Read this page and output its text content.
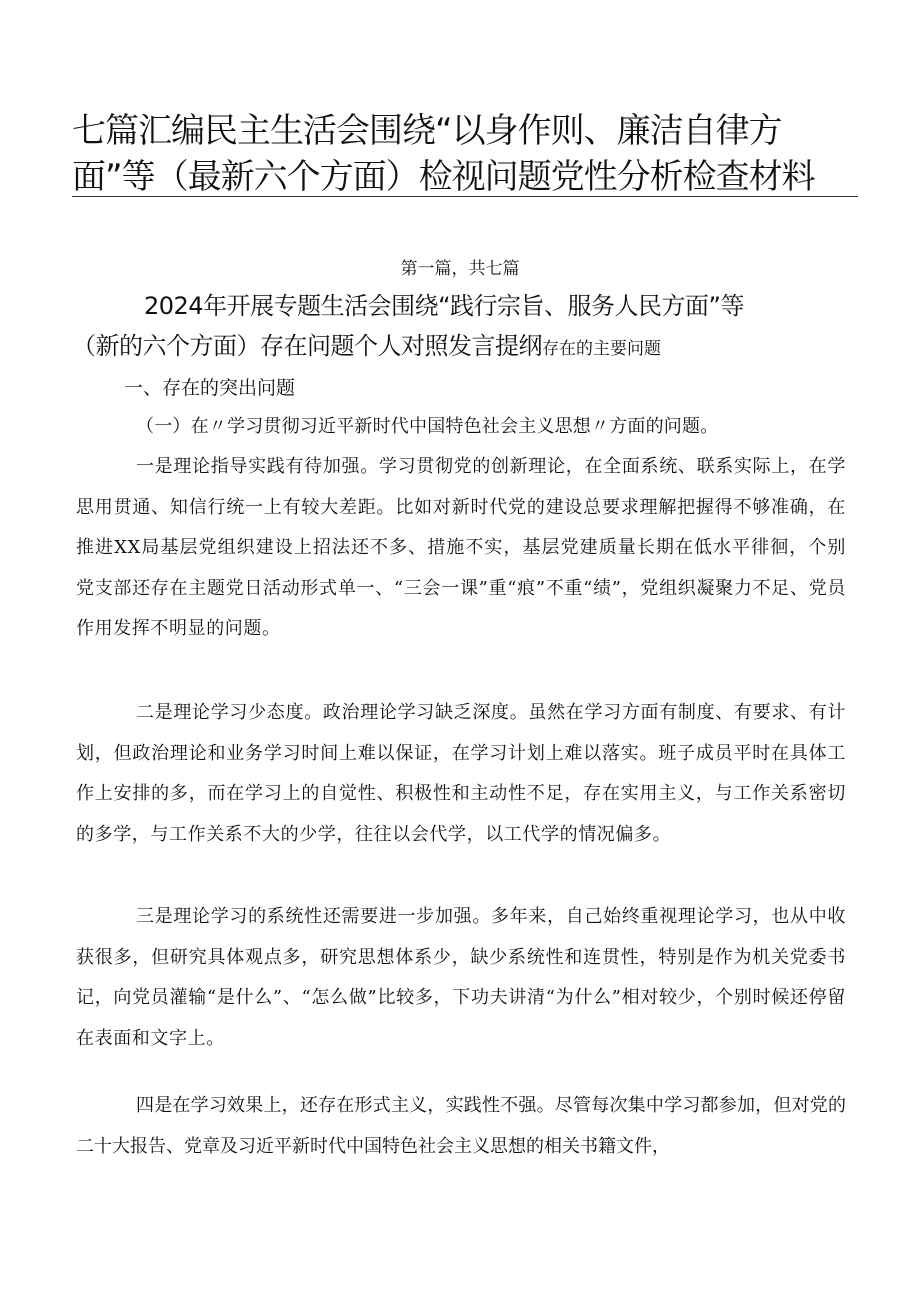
七篇汇编民主生活会围绕“以身作则、廉洁自律方面”等（最新六个方面）检视问题党性分析检查材料
第一篇，共七篇
2024年开展专题生活会围绕“践行宗旨、服务人民方面”等
（新的六个方面）存在问题个人对照发言提纲存在的主要问题
一、存在的突出问题

（一）在〃学习贯彻习近平新时代中国特色社会主义思想〃方面的问题。

一是理论指导实践有待加强。学习贯彻党的创新理论，在全面系统、联系实际上，在学思用贯通、知信行统一上有较大差距。比如对新时代党的建设总要求理解把握得不够准确，在推进XX局基层党组织建设上招法还不多、措施不实，基层党建质量长期在低水平徘徊，个别党支部还存在主题党日活动形式单一、“三会一课”重“痕”不重“绩”，党组织凝聚力不足、党员作用发挥不明显的问题。

二是理论学习少态度。政治理论学习缺乏深度。虽然在学习方面有制度、有要求、有计划，但政治理论和业务学习时间上难以保证，在学习计划上难以落实。班子成员平时在具体工作上安排的多，而在学习上的自觉性、积极性和主动性不足，存在实用主义，与工作关系密切的多学，与工作关系不大的少学，往往以会代学，以工代学的情况偏多。

三是理论学习的系统性还需要进一步加强。多年来，自己始终重视理论学习，也从中收获很多，但研究具体观点多，研究思想体系少，缺少系统性和连贯性，特别是作为机关党委书记，向党员灌输“是什么”、“怎么做”比较多，下功夫讲清“为什么”相对较少，个别时候还停留在表面和文字上。

四是在学习效果上，还存在形式主义，实践性不强。尽管每次集中学习都参加，但对党的二十大报告、党章及习近平新时代中国特色社会主义思想的相关书籍文件，
